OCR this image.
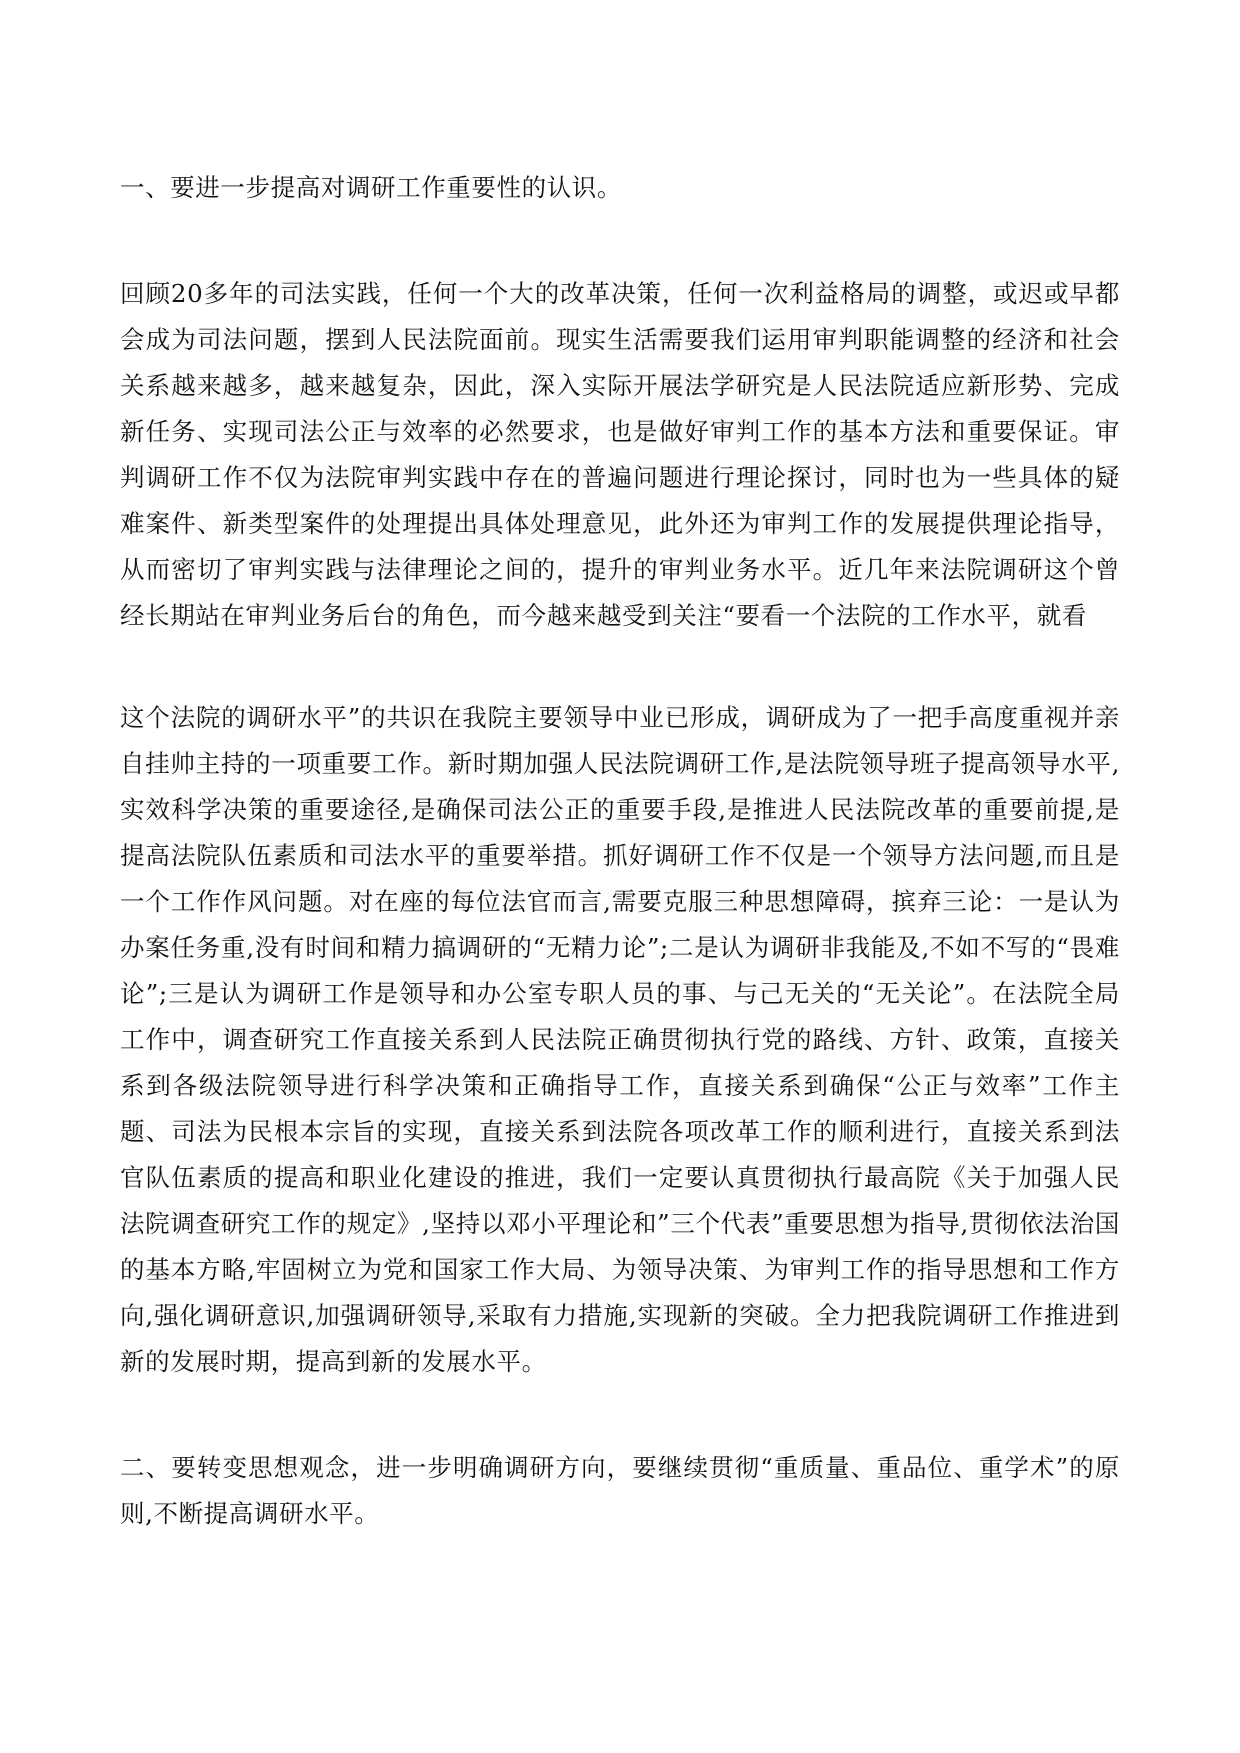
一、要进一步提高对调研工作重要性的认识。

回顾20多年的司法实践，任何一个大的改革决策，任何一次利益格局的调整，或迟或早都会成为司法问题，摆到人民法院面前。现实生活需要我们运用审判职能调整的经济和社会关系越来越多，越来越复杂，因此，深入实际开展法学研究是人民法院适应新形势、完成新任务、实现司法公正与效率的必然要求，也是做好审判工作的基本方法和重要保证。审判调研工作不仅为法院审判实践中存在的普遍问题进行理论探讨，同时也为一些具体的疑难案件、新类型案件的处理提出具体处理意见，此外还为审判工作的发展提供理论指导，从而密切了审判实践与法律理论之间的，提升的审判业务水平。近几年来法院调研这个曾经长期站在审判业务后台的角色，而今越来越受到关注“要看一个法院的工作水平，就看

这个法院的调研水平”的共识在我院主要领导中业已形成，调研成为了一把手高度重视并亲自挂帅主持的一项重要工作。新时期加强人民法院调研工作,是法院领导班子提高领导水平,实效科学决策的重要途径,是确保司法公正的重要手段,是推进人民法院改革的重要前提,是提高法院队伍素质和司法水平的重要举措。抓好调研工作不仅是一个领导方法问题,而且是一个工作作风问题。对在座的每位法官而言,需要克服三种思想障碍，摈弃三论：一是认为办案任务重,没有时间和精力搞调研的“无精力论”;二是认为调研非我能及,不如不写的“畏难论”;三是认为调研工作是领导和办公室专职人员的事、与己无关的“无关论”。在法院全局工作中，调查研究工作直接关系到人民法院正确贯彻执行党的路线、方针、政策，直接关系到各级法院领导进行科学决策和正确指导工作，直接关系到确保“公正与效率”工作主题、司法为民根本宗旨的实现，直接关系到法院各项改革工作的顺利进行，直接关系到法官队伍素质的提高和职业化建设的推进，我们一定要认真贯彻执行最高院《关于加强人民法院调查研究工作的规定》,坚持以邓小平理论和”三个代表”重要思想为指导,贯彻依法治国的基本方略,牢固树立为党和国家工作大局、为领导决策、为审判工作的指导思想和工作方向,强化调研意识,加强调研领导,采取有力措施,实现新的突破。全力把我院调研工作推进到新的发展时期，提高到新的发展水平。

二、要转变思想观念，进一步明确调研方向，要继续贯彻“重质量、重品位、重学术”的原则,不断提高调研水平。
